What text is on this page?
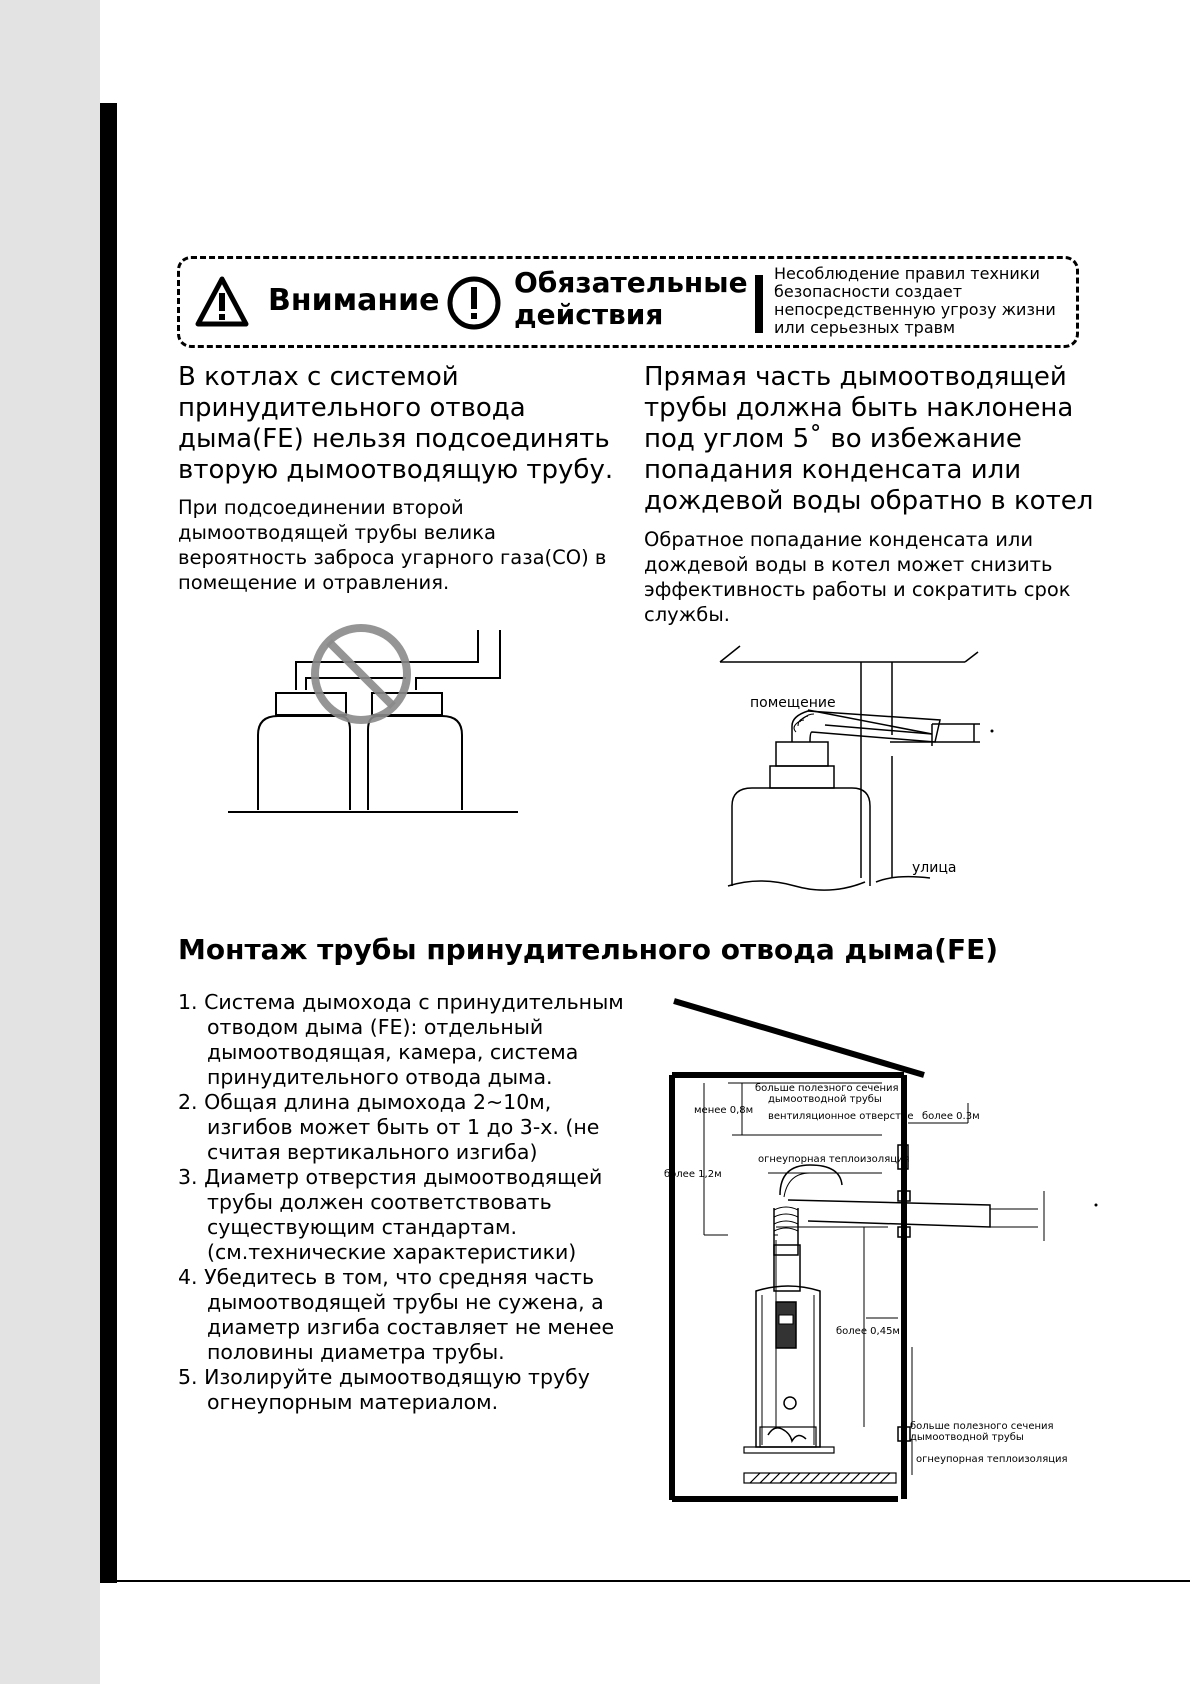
Внимание
Обязательные действия
Несоблюдение правил техники безопасности создает непосредственную угрозу жизни или серьезных травм
В котлах с системой принудительного отвода дыма(FE) нельзя подсоединять вторую дымоотводящую трубу.
При подсоединении второй дымоотводящей трубы велика вероятность заброса угарного газа(CO) в помещение и отравления.
Прямая часть дымоотводящей трубы должна быть наклонена под углом 5˚ во избежание попадания конденсата или дождевой воды обратно в котел
Обратное попадание конденсата или дождевой воды в котел может снизить эффективность работы и сократить срок службы.
помещение
улица
Монтаж трубы принудительного отвода дыма(FE)
1. Система дымохода с принудительным отводом дыма (FE): отдельный дымоотводящая, камера, система принудительного отвода дыма.
2. Общая длина дымохода 2~10м, изгибов может быть от 1 до 3-х. (не считая вертикального изгиба)
3. Диаметр отверстия дымоотводящей трубы должен соответствовать существующим стандартам. (см.технические характеристики)
4. Убедитесь в том, что средняя часть дымоотводящей трубы не сужена, а диаметр изгиба составляет не менее половины диаметра трубы.
5. Изолируйте дымоотводящую трубу огнеупорным материалом.
больше полезного сечения
дымоотводной трубы
менее 0,8м
вентиляционное отверстие более 0.3м
огнеупорная теплоизоляция
более 1,2м
более 0,45м
больше полезного сечения
дымоотводной трубы
огнеупорная теплоизоляция
